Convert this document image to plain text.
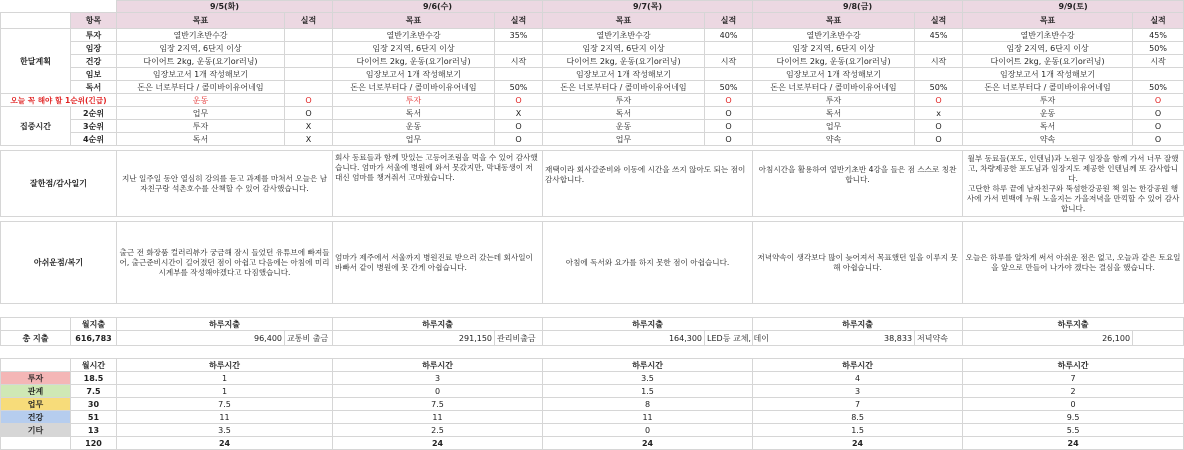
		9/5(화)		9/6(수)		9/7(목)		9/8(금)		9/9(토)	
	항목	목표	실적	목표	실적	목표	실적	목표	실적	목표	실적
한달계획	투자	열반기초반수강		열반기초반수강	35%	열반기초반수강	40%	열반기초반수강	45%	열반기초반수강	45%
	임장	임장 2지역, 6단지 이상		임장 2지역, 6단지 이상		임장 2지역, 6단지 이상		임장 2지역, 6단지 이상		임장 2지역, 6단지 이상	50%
	건강	다이어트 2kg, 운동(요기or러닝)		다이어트 2kg, 운동(요기or러닝)	시작	다이어트 2kg, 운동(요기or러닝)	시작	다이어트 2kg, 운동(요기or러닝)	시작	다이어트 2kg, 운동(요기or러닝)	시작
	임보	임장보고서 1개 작성해보기		임장보고서 1개 작성해보기		임장보고서 1개 작성해보기		임장보고서 1개 작성해보기		임장보고서 1개 작성해보기	
	독서	돈은 너로부터다 / 콜미바이유어네임		돈은 너로부터다 / 콜미바이유어네임	50%	돈은 너로부터다 / 콜미바이유어네임	50%	돈은 너로부터다 / 콜미바이유어네임	50%	돈은 너로부터다 / 콜미바이유어네임	50%
오늘 꼭 해야 할 1순위(긴급)		운동	O	투자	O	투자	O	투자	O	투자	O
집중시간	2순위	업무	O	독서	X	독서	O	독서	x	운동	O
	3순위	투자	X	운동	O	운동	O	업무	O	독서	O
	4순위	독서	X	업무	O	업무	O	약속	O	약속	O

잘한점/감사일기		지난 일주일 동안 열심히 강의를 듣고 과제를 마쳐서 오늘은 남자친구랑 석촌호수를 산책할 수 있어 감사했습니다.		회사 동료들과 함께 맛있는 고등어조림을 먹을 수 있어 감사했습니다. 엄마가 서울에 병원에 와서 못갔지만, 막내동생이 저 대신 엄마를 챙겨줘서 고마웠습니다.		재택이라 회사갈준비와 이동에 시간을 쓰지 않아도 되는 점이 감사합니다.		아침시간을 활용하여 열반기초반 4강을 들은 점 스스로 칭찬합니다.		월부 동료들(포도, 인텐님)과 노원구 임장을 함께 가서 너무 잘했고, 차량제공한 포도님과 임장지도 제공한 인텐님께 또 감사합니다.
고단한 하루 끝에 남자친구와 뚝섬한강공원 책 읽는 한강공원 행사에 가서 빈백에 누워 노을지는 가을저녁을 만끽할 수 있어 감사합니다.	

아쉬운점/복기		출근 전 화장품 컬러리뷰가 궁금해 잠시 들었던 유튜브에 빠져들어, 출근준비시간이 길어졌던 점이 아쉽고 다음에는 아침에 미리 시계부를 작성해야겠다고 다짐했습니다.		엄마가 제주에서 서울까지 병원진료 받으러 갔는데 회사일이 바빠서 같이 병원에 못 간게 아쉽습니다.		아침에 독서와 요가를 하지 못한 점이 아쉽습니다.		저녁약속이 생각보다 많이 늦어져서 목표했던 일을 이루지 못해 아쉽습니다.		오늘은 하루를 알차게 써서 아쉬운 점은 없고, 오늘과 같은 토요일을 앞으로 만들어 나가야 겠다는 결심을 했습니다.	

	월지출	하루지출		하루지출		하루지출		하루지출		하루지출	
총 지출	616,783	96,400	교통비 출금	291,150	관리비출금	164,300	LED등 교체, 데이	38,833	저녁약속	26,100	

	월시간	하루시간		하루시간		하루시간		하루시간		하루시간	
투자	18.5	1		3		3.5		4		7	
관계	7.5	1		0		1.5		3		2	
업무	30	7.5		7.5		8		7		0	
건강	51	11		11		11		8.5		9.5	
기타	13	3.5		2.5		0		1.5		5.5	
	120	24		24		24		24		24	
